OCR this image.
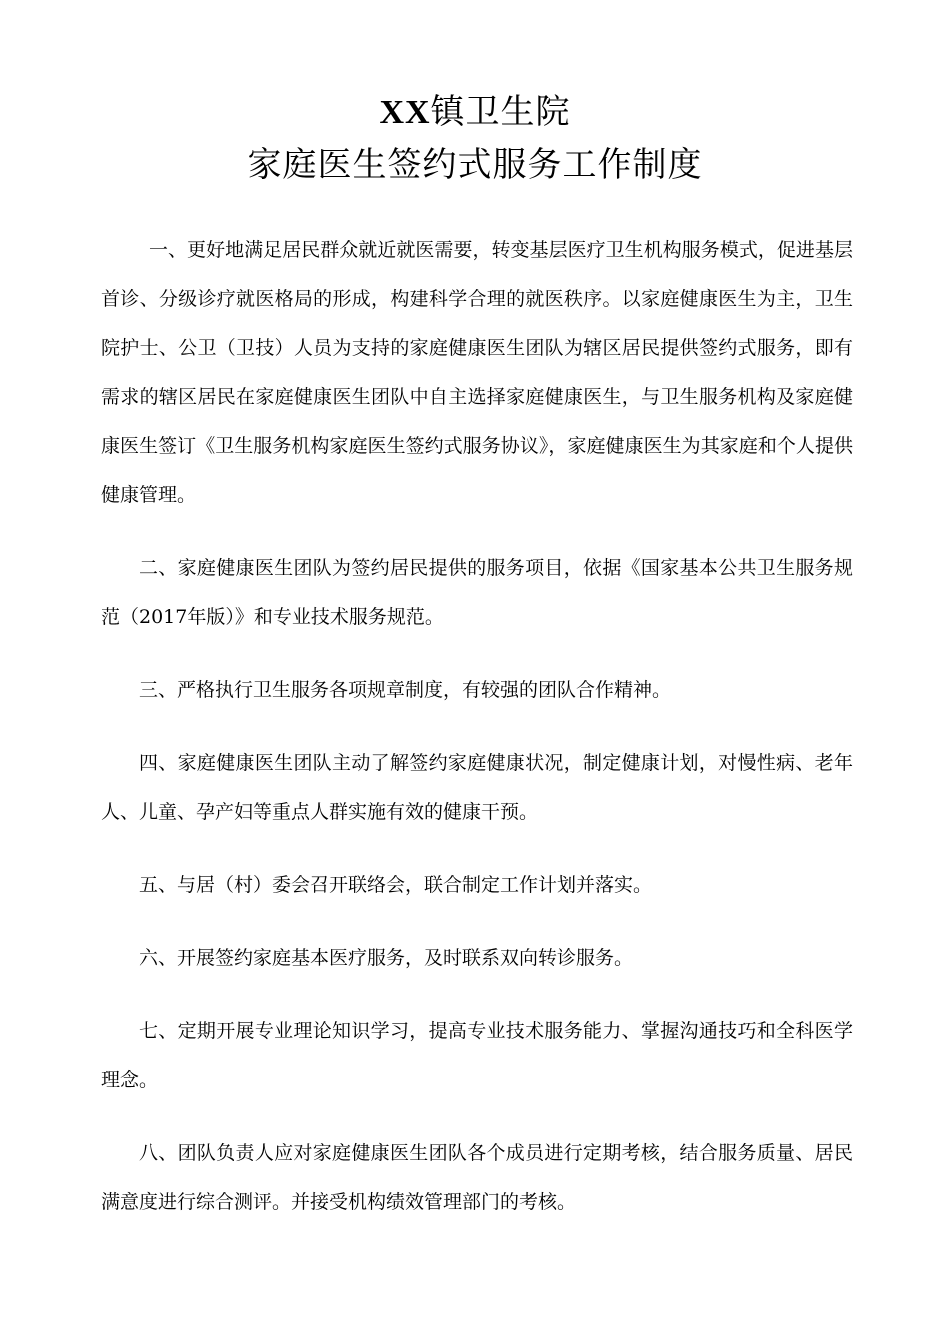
XX镇卫生院

家庭医生签约式服务工作制度

一、更好地满足居民群众就近就医需要，转变基层医疗卫生机构服务模式，促进基层首诊、分级诊疗就医格局的形成，构建科学合理的就医秩序。以家庭健康医生为主，卫生院护士、公卫（卫技）人员为支持的家庭健康医生团队为辖区居民提供签约式服务，即有需求的辖区居民在家庭健康医生团队中自主选择家庭健康医生，与卫生服务机构及家庭健康医生签订《卫生服务机构家庭医生签约式服务协议》，家庭健康医生为其家庭和个人提供健康管理。

二、家庭健康医生团队为签约居民提供的服务项目，依据《国家基本公共卫生服务规范（2017年版）》和专业技术服务规范。

三、严格执行卫生服务各项规章制度，有较强的团队合作精神。

四、家庭健康医生团队主动了解签约家庭健康状况，制定健康计划，对慢性病、老年人、儿童、孕产妇等重点人群实施有效的健康干预。

五、与居（村）委会召开联络会，联合制定工作计划并落实。

六、开展签约家庭基本医疗服务，及时联系双向转诊服务。

七、定期开展专业理论知识学习，提高专业技术服务能力、掌握沟通技巧和全科医学理念。

八、团队负责人应对家庭健康医生团队各个成员进行定期考核，结合服务质量、居民满意度进行综合测评。并接受机构绩效管理部门的考核。
